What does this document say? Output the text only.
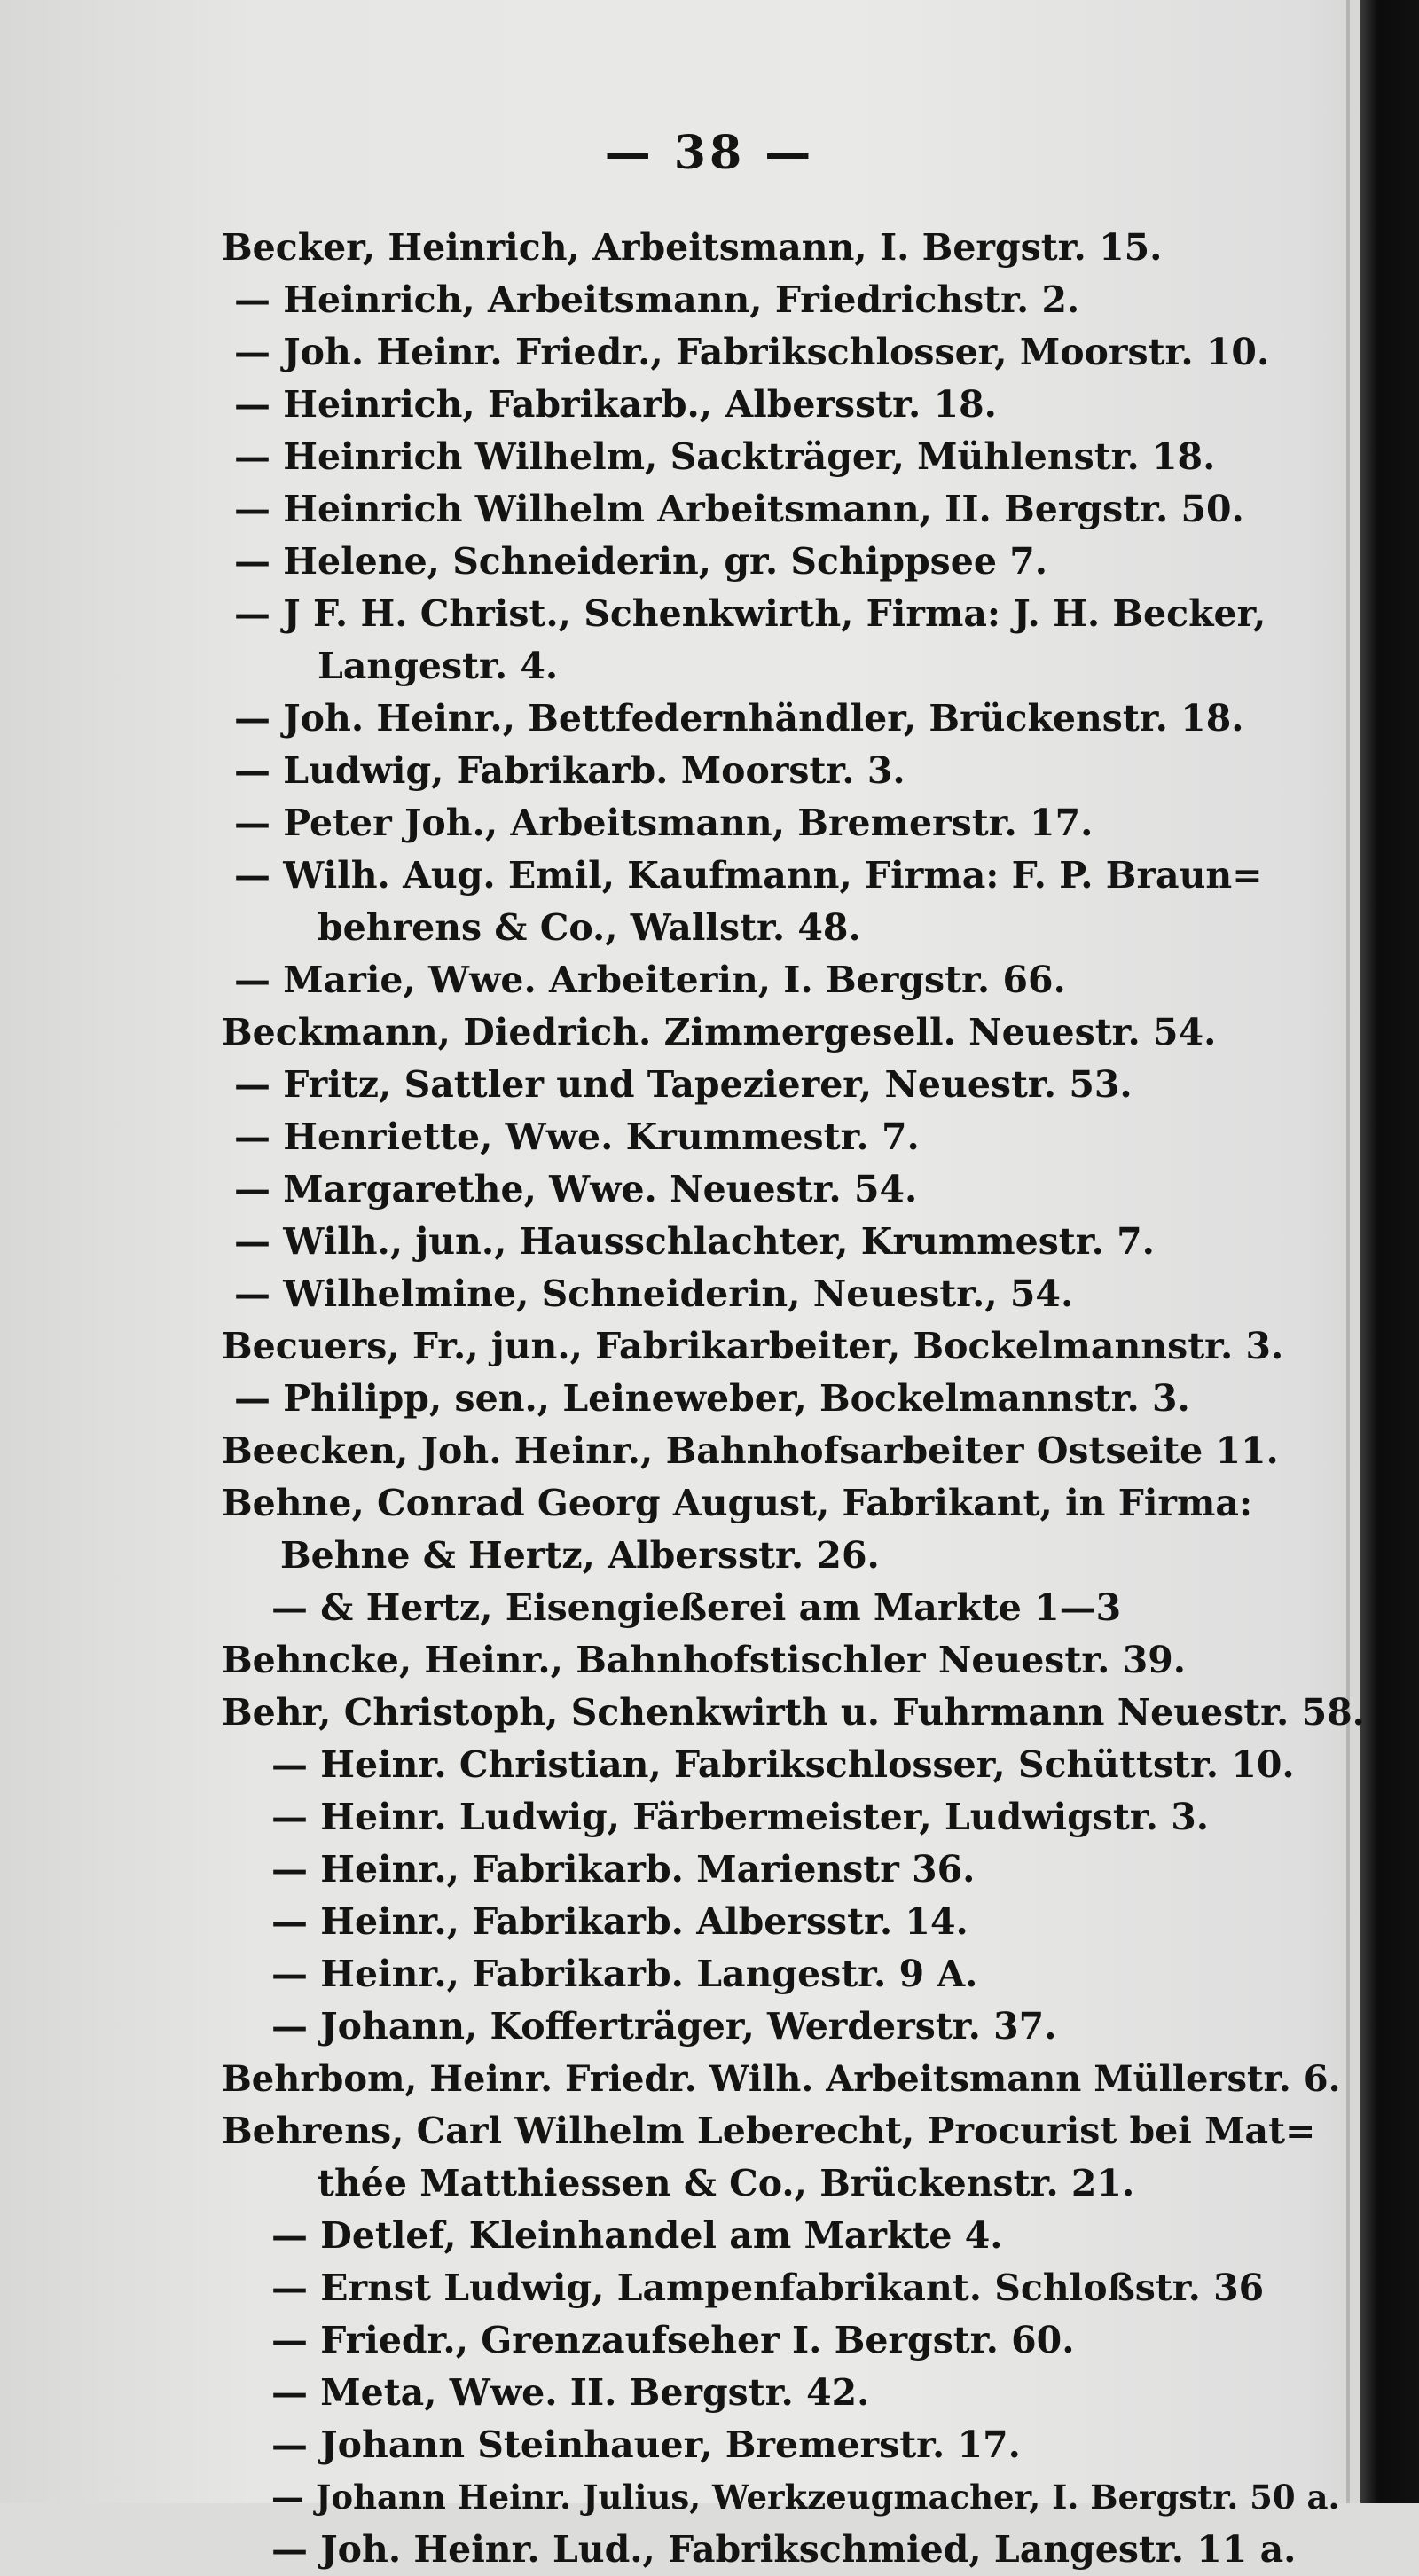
— 38 —
Becker, Heinrich, Arbeitsmann, I. Bergstr. 15.
— Heinrich, Arbeitsmann, Friedrichstr. 2.
— Joh. Heinr. Friedr., Fabrikschlosser, Moorstr. 10.
— Heinrich, Fabrikarb., Albersstr. 18.
— Heinrich Wilhelm, Sackträger, Mühlenstr. 18.
— Heinrich Wilhelm Arbeitsmann, II. Bergstr. 50.
— Helene, Schneiderin, gr. Schippsee 7.
— J F. H. Christ., Schenkwirth, Firma: J. H. Becker,
Langestr. 4.
— Joh. Heinr., Bettfedernhändler, Brückenstr. 18.
— Ludwig, Fabrikarb. Moorstr. 3.
— Peter Joh., Arbeitsmann, Bremerstr. 17.
— Wilh. Aug. Emil, Kaufmann, Firma: F. P. Braun=
behrens & Co., Wallstr. 48.
— Marie, Wwe. Arbeiterin, I. Bergstr. 66.
Beckmann, Diedrich. Zimmergesell. Neuestr. 54.
— Fritz, Sattler und Tapezierer, Neuestr. 53.
— Henriette, Wwe. Krummestr. 7.
— Margarethe, Wwe. Neuestr. 54.
— Wilh., jun., Hausschlachter, Krummestr. 7.
— Wilhelmine, Schneiderin, Neuestr., 54.
Becuers, Fr., jun., Fabrikarbeiter, Bockelmannstr. 3.
— Philipp, sen., Leineweber, Bockelmannstr. 3.
Beecken, Joh. Heinr., Bahnhofsarbeiter Ostseite 11.
Behne, Conrad Georg August, Fabrikant, in Firma:
Behne & Hertz, Albersstr. 26.
— & Hertz, Eisengießerei am Markte 1—3
Behncke, Heinr., Bahnhofstischler Neuestr. 39.
Behr, Christoph, Schenkwirth u. Fuhrmann Neuestr. 58.
— Heinr. Christian, Fabrikschlosser, Schüttstr. 10.
— Heinr. Ludwig, Färbermeister, Ludwigstr. 3.
— Heinr., Fabrikarb. Marienstr 36.
— Heinr., Fabrikarb. Albersstr. 14.
— Heinr., Fabrikarb. Langestr. 9 A.
— Johann, Kofferträger, Werderstr. 37.
Behrbom, Heinr. Friedr. Wilh. Arbeitsmann Müllerstr. 6.
Behrens, Carl Wilhelm Leberecht, Procurist bei Mat=
thée Matthiessen & Co., Brückenstr. 21.
— Detlef, Kleinhandel am Markte 4.
— Ernst Ludwig, Lampenfabrikant. Schloßstr. 36
— Friedr., Grenzaufseher I. Bergstr. 60.
— Meta, Wwe. II. Bergstr. 42.
— Johann Steinhauer, Bremerstr. 17.
— Johann Heinr. Julius, Werkzeugmacher, I. Bergstr. 50 a.
— Joh. Heinr. Lud., Fabrikschmied, Langestr. 11 a.
